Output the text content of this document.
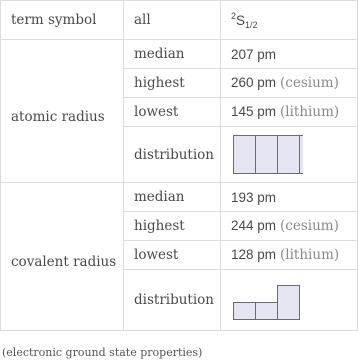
term symbol	all	$^2S_{1/2}$
atomic radius	median	207 pm
	highest	260 pm (cesium)
	lowest	145 pm (lithium)
	distribution	

covalent radius	median	193 pm
	highest	244 pm (cesium)
	lowest	128 pm (lithium)
	distribution	
(electronic ground state properties)
